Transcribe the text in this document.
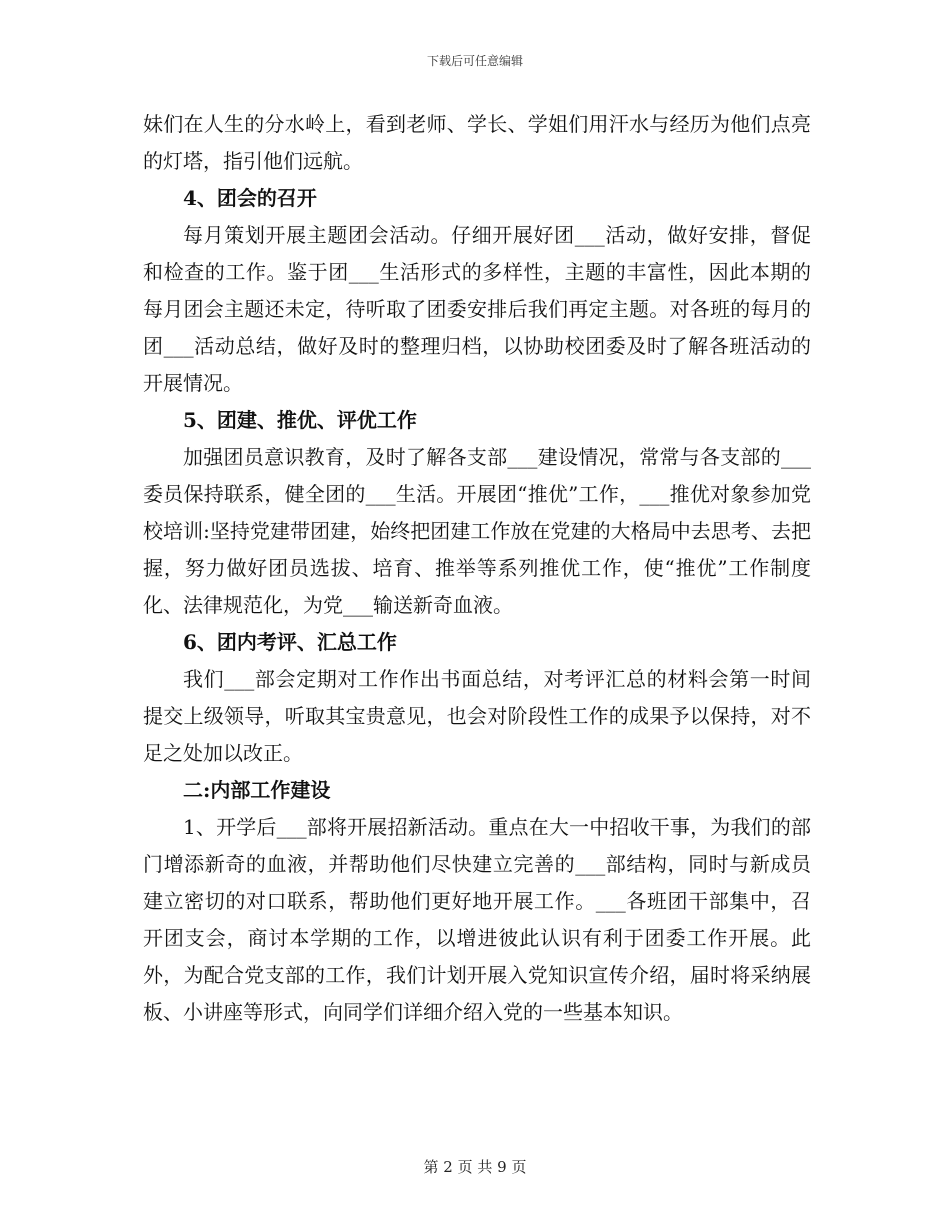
下载后可任意编辑

妹们在人生的分水岭上，看到老师、学长、学姐们用汗水与经历为他们点亮的灯塔，指引他们远航。

4、团会的召开

每月策划开展主题团会活动。仔细开展好团___活动，做好安排，督促和检查的工作。鉴于团___生活形式的多样性，主题的丰富性，因此本期的每月团会主题还未定，待听取了团委安排后我们再定主题。对各班的每月的团___活动总结，做好及时的整理归档，以协助校团委及时了解各班活动的开展情况。

5、团建、推优、评优工作

加强团员意识教育，及时了解各支部___建设情况，常常与各支部的___委员保持联系，健全团的___生活。开展团“推优”工作，___推优对象参加党校培训:坚持党建带团建，始终把团建工作放在党建的大格局中去思考、去把握，努力做好团员选拔、培育、推举等系列推优工作，使“推优”工作制度化、法律规范化，为党___输送新奇血液。

6、团内考评、汇总工作

我们___部会定期对工作作出书面总结，对考评汇总的材料会第一时间提交上级领导，听取其宝贵意见，也会对阶段性工作的成果予以保持，对不足之处加以改正。

二:内部工作建设

1、开学后___部将开展招新活动。重点在大一中招收干事，为我们的部门增添新奇的血液，并帮助他们尽快建立完善的___部结构，同时与新成员建立密切的对口联系，帮助他们更好地开展工作。___各班团干部集中，召开团支会，商讨本学期的工作，以增进彼此认识有利于团委工作开展。此外，为配合党支部的工作，我们计划开展入党知识宣传介绍，届时将采纳展板、小讲座等形式，向同学们详细介绍入党的一些基本知识。

第 2 页 共 9 页
